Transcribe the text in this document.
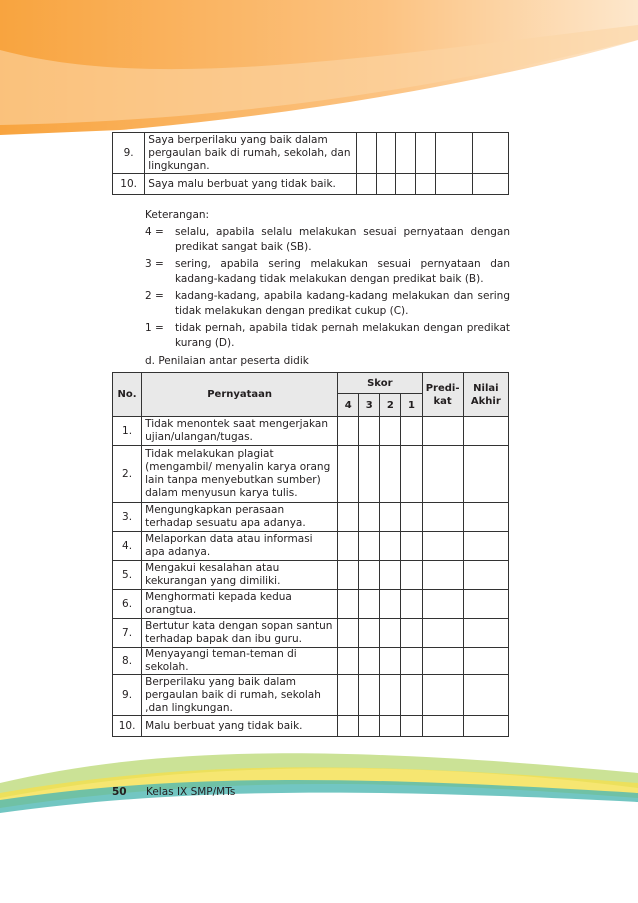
9.	Saya berperilaku yang baik dalam pergaulan baik di rumah, sekolah, dan lingkungan.						
10.	Saya malu berbuat yang tidak baik.						
Keterangan:
4 =	selalu, apabila selalu melakukan sesuai pernyataan dengan predikat sangat baik (SB).
3 =	sering, apabila sering melakukan sesuai pernyataan dan kadang-kadang tidak melakukan dengan predikat baik (B).
2 =	kadang-kadang, apabila kadang-kadang melakukan dan sering tidak melakukan dengan predikat cukup (C).
1 =	tidak pernah, apabila tidak pernah melakukan dengan predikat kurang (D).
d. Penilaian antar peserta didik
No.	Pernyataan	Skor				Predi-kat	Nilai Akhir
		4	3	2	1		
1.	Tidak menontek saat mengerjakan ujian/ulangan/tugas.						
2.	Tidak melakukan plagiat (mengambil/ menyalin karya orang lain tanpa menyebutkan sumber) dalam menyusun karya tulis.						
3.	Mengungkapkan perasaan terhadap sesuatu apa adanya.						
4.	Melaporkan data atau informasi apa adanya.						
5.	Mengakui kesalahan atau kekurangan yang dimiliki.						
6.	Menghormati kepada kedua orangtua.						
7.	Bertutur kata dengan sopan santun terhadap bapak dan ibu guru.						
8.	Menyayangi teman-teman di sekolah.						
9.	Berperilaku yang baik dalam pergaulan baik di rumah, sekolah ,dan lingkungan.						
10.	Malu berbuat yang tidak baik.						
50 Kelas IX SMP/MTs
